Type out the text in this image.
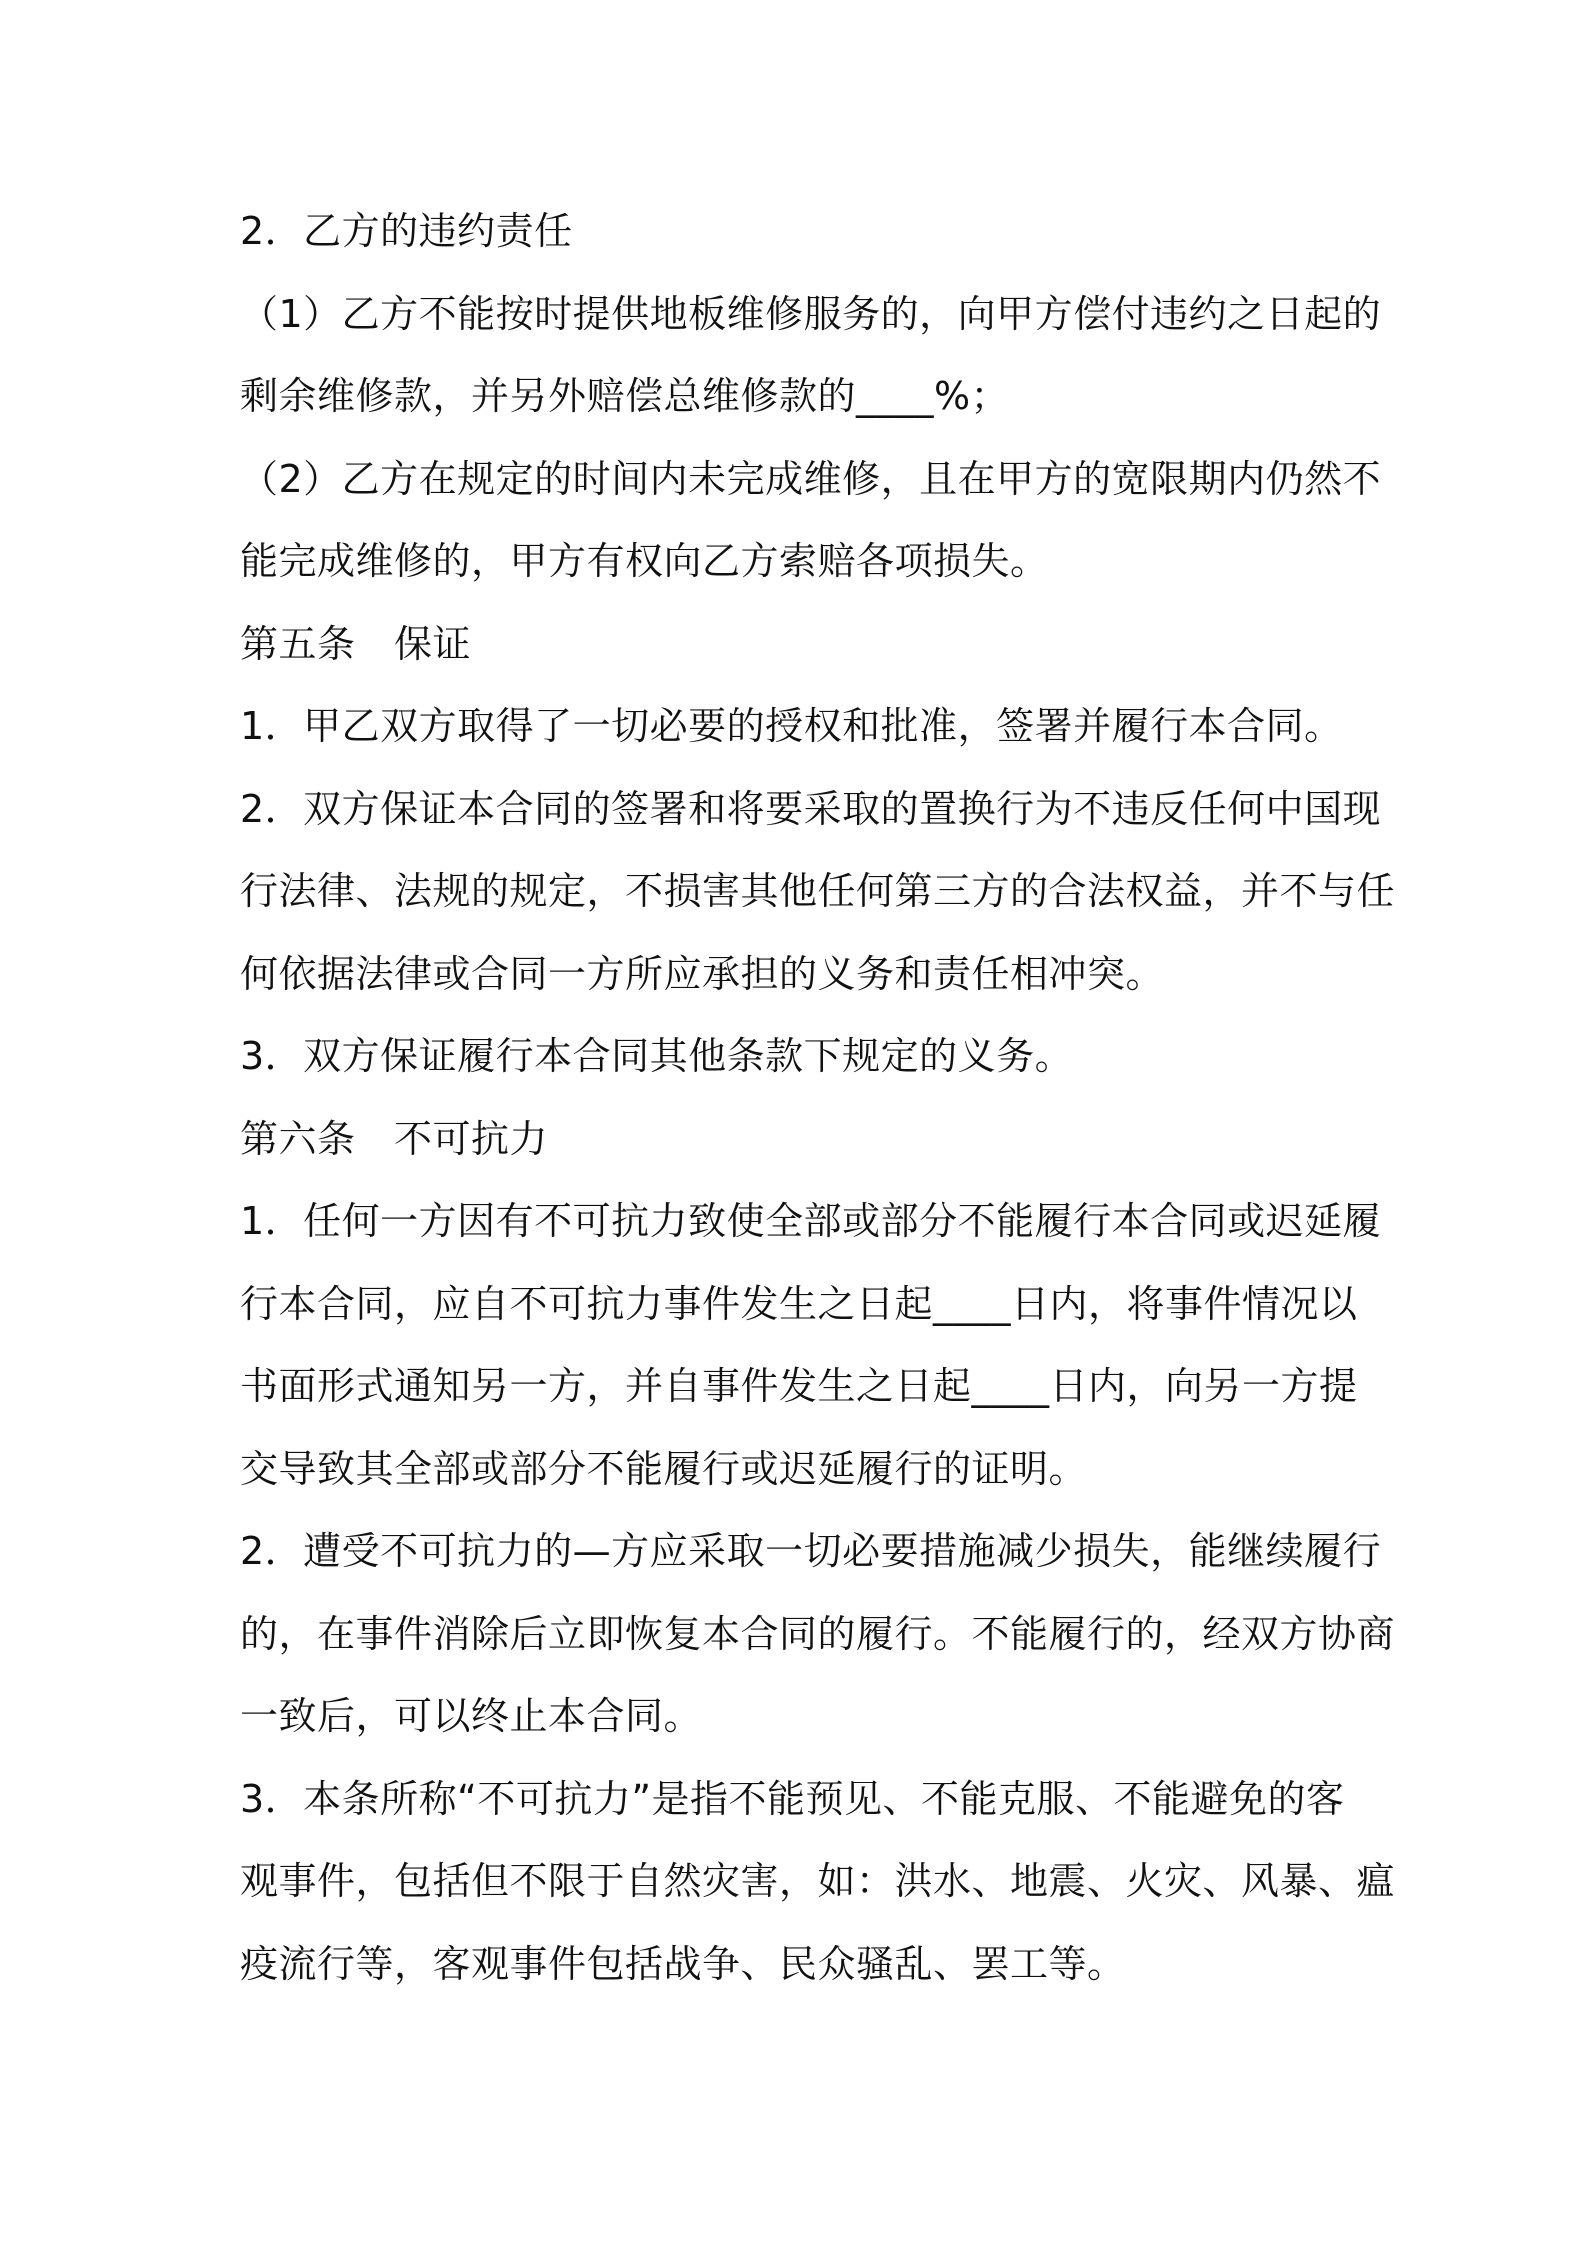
2．乙方的违约责任
（1）乙方不能按时提供地板维修服务的，向甲方偿付违约之日起的
剩余维修款，并另外赔偿总维修款的____%；
（2）乙方在规定的时间内未完成维修，且在甲方的宽限期内仍然不
能完成维修的，甲方有权向乙方索赔各项损失。
第五条　保证
1．甲乙双方取得了一切必要的授权和批准，签署并履行本合同。
2．双方保证本合同的签署和将要采取的置换行为不违反任何中国现
行法律、法规的规定，不损害其他任何第三方的合法权益，并不与任
何依据法律或合同一方所应承担的义务和责任相冲突。
3．双方保证履行本合同其他条款下规定的义务。
第六条　不可抗力
1．任何一方因有不可抗力致使全部或部分不能履行本合同或迟延履
行本合同，应自不可抗力事件发生之日起____日内，将事件情况以
书面形式通知另一方，并自事件发生之日起____日内，向另一方提
交导致其全部或部分不能履行或迟延履行的证明。
2．遭受不可抗力的—方应采取一切必要措施减少损失，能继续履行
的，在事件消除后立即恢复本合同的履行。不能履行的，经双方协商
一致后，可以终止本合同。
3．本条所称“不可抗力”是指不能预见、不能克服、不能避免的客
观事件，包括但不限于自然灾害，如：洪水、地震、火灾、风暴、瘟
疫流行等，客观事件包括战争、民众骚乱、罢工等。
